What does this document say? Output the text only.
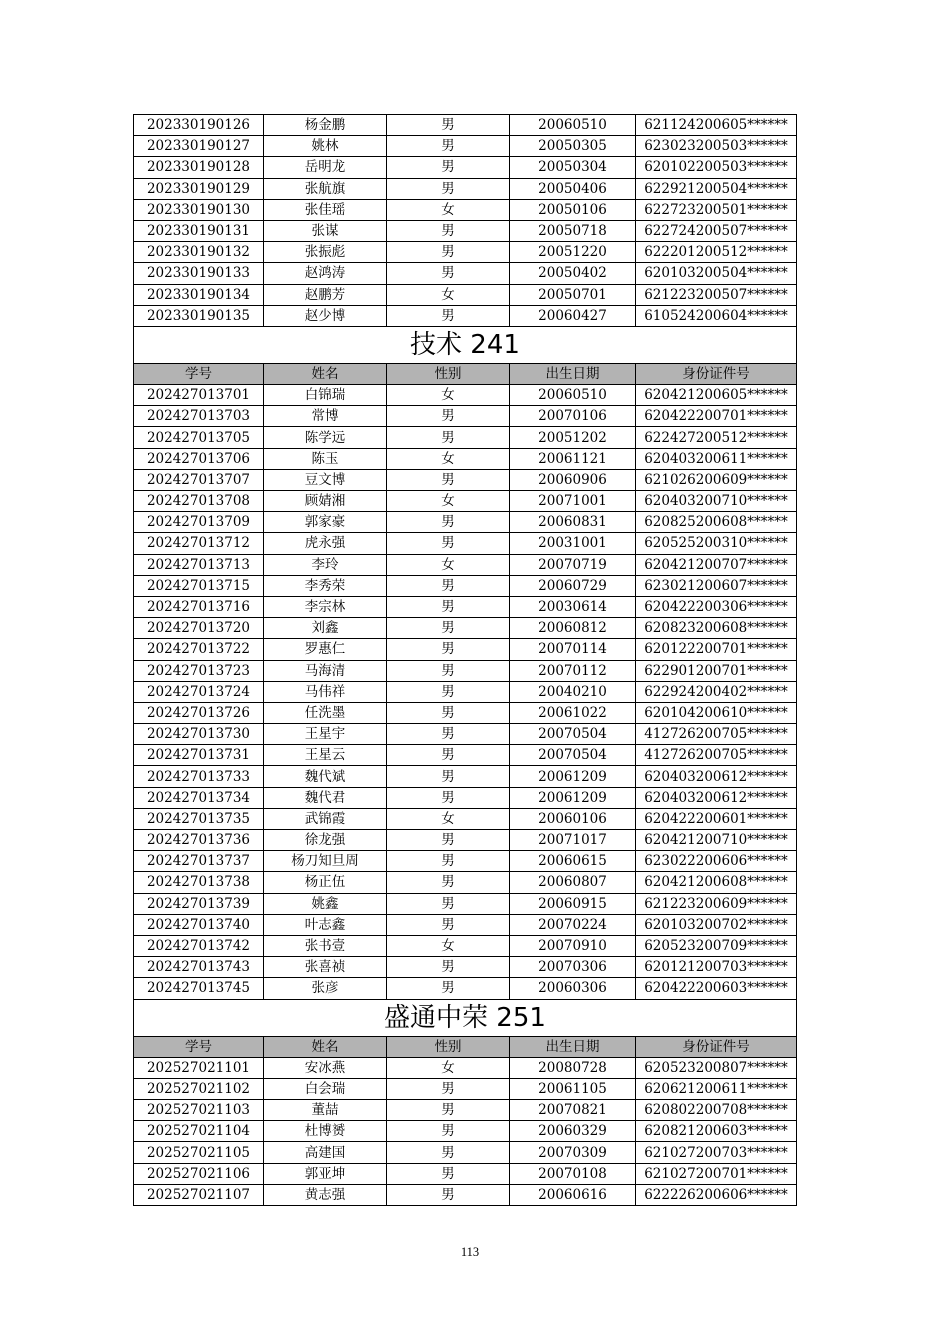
202330190126	杨金鹏	男	20060510	621124200605******
202330190127	姚林	男	20050305	623023200503******
202330190128	岳明龙	男	20050304	620102200503******
202330190129	张航旗	男	20050406	622921200504******
202330190130	张佳瑶	女	20050106	622723200501******
202330190131	张谋	男	20050718	622724200507******
202330190132	张振彪	男	20051220	622201200512******
202330190133	赵鸿涛	男	20050402	620103200504******
202330190134	赵鹏芳	女	20050701	621223200507******
202330190135	赵少博	男	20060427	610524200604******
技术 241				
学号	姓名	性别	出生日期	身份证件号
202427013701	白锦瑞	女	20060510	620421200605******
202427013703	常博	男	20070106	620422200701******
202427013705	陈学远	男	20051202	622427200512******
202427013706	陈玉	女	20061121	620403200611******
202427013707	豆文博	男	20060906	621026200609******
202427013708	顾婧湘	女	20071001	620403200710******
202427013709	郭家豪	男	20060831	620825200608******
202427013712	虎永强	男	20031001	620525200310******
202427013713	李玲	女	20070719	620421200707******
202427013715	李秀荣	男	20060729	623021200607******
202427013716	李宗林	男	20030614	620422200306******
202427013720	刘鑫	男	20060812	620823200608******
202427013722	罗惠仁	男	20070114	620122200701******
202427013723	马海清	男	20070112	622901200701******
202427013724	马伟祥	男	20040210	622924200402******
202427013726	任洗墨	男	20061022	620104200610******
202427013730	王星宇	男	20070504	412726200705******
202427013731	王星云	男	20070504	412726200705******
202427013733	魏代斌	男	20061209	620403200612******
202427013734	魏代君	男	20061209	620403200612******
202427013735	武锦霞	女	20060106	620422200601******
202427013736	徐龙强	男	20071017	620421200710******
202427013737	杨刀知旦周	男	20060615	623022200606******
202427013738	杨正伍	男	20060807	620421200608******
202427013739	姚鑫	男	20060915	621223200609******
202427013740	叶志鑫	男	20070224	620103200702******
202427013742	张书壹	女	20070910	620523200709******
202427013743	张喜祯	男	20070306	620121200703******
202427013745	张彦	男	20060306	620422200603******
盛通中荣 251				
学号	姓名	性别	出生日期	身份证件号
202527021101	安冰燕	女	20080728	620523200807******
202527021102	白会瑞	男	20061105	620621200611******
202527021103	董喆	男	20070821	620802200708******
202527021104	杜博赟	男	20060329	620821200603******
202527021105	高建国	男	20070309	621027200703******
202527021106	郭亚坤	男	20070108	621027200701******
202527021107	黄志强	男	20060616	622226200606******
113
